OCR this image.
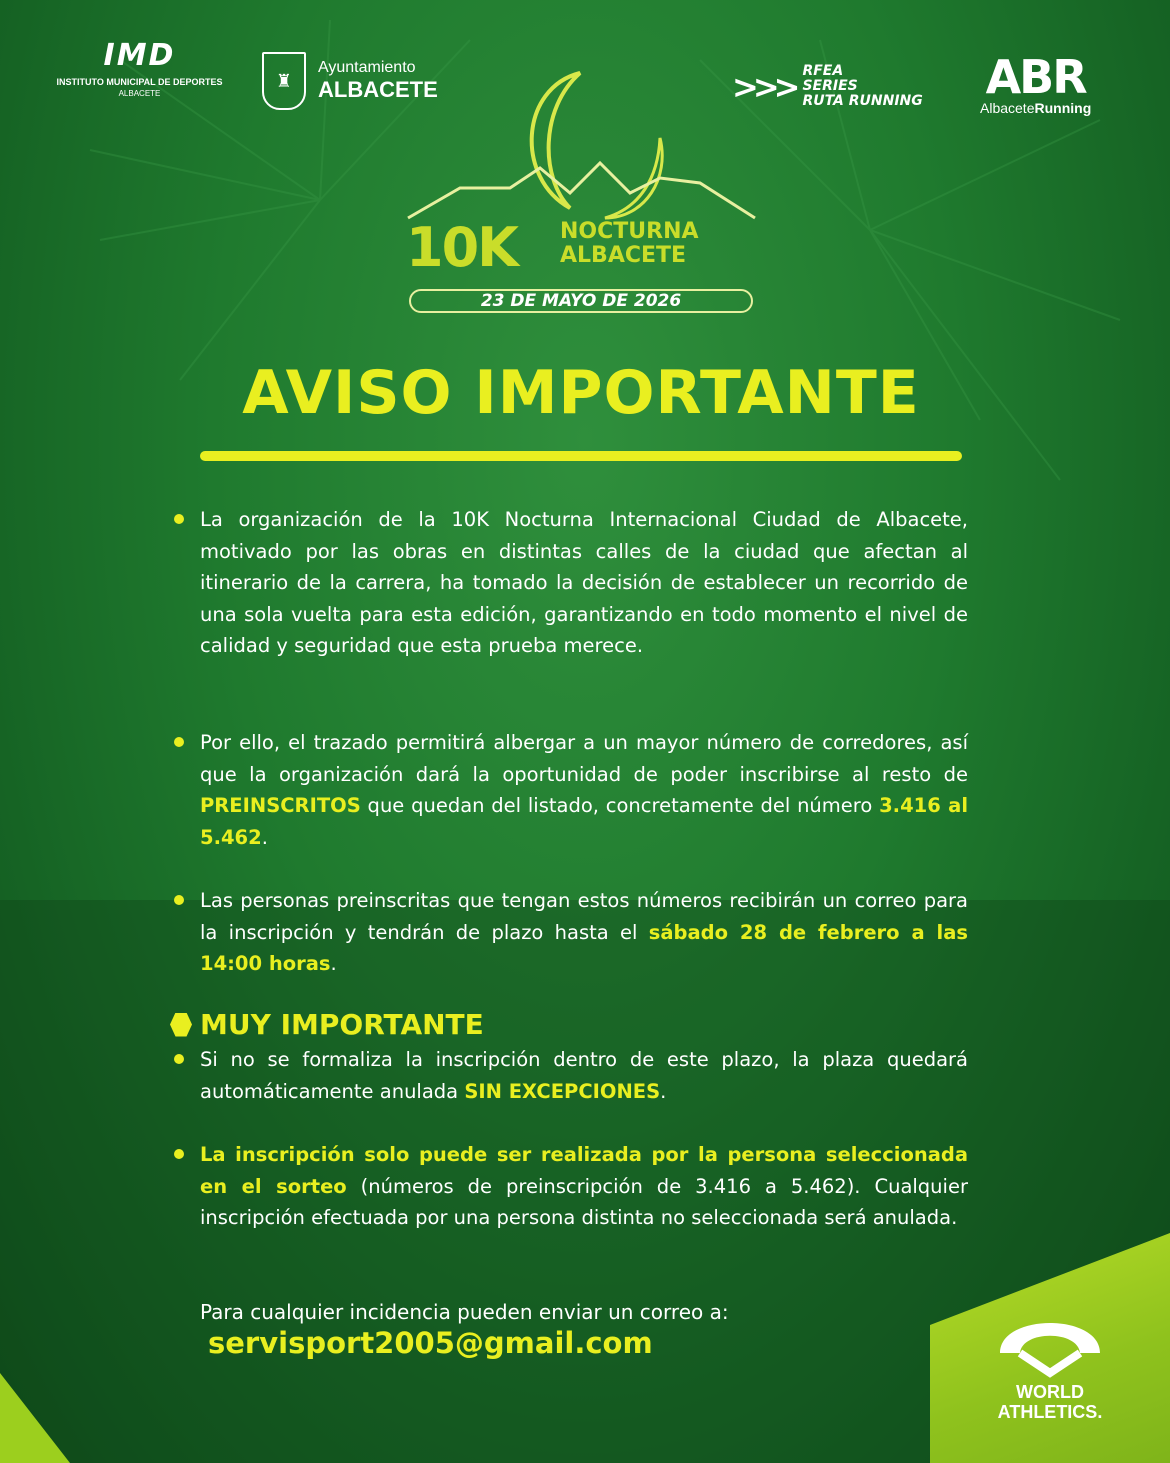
IMD
INSTITUTO MUNICIPAL DE DEPORTES
ALBACETE
♜
Ayuntamiento
ALBACETE	>>> RFEA
SERIES
RUTA RUNNING ABR
AlbaceteRunning
10K NOCTURNA
ALBACETE
23 DE MAYO DE 2026
AVISO IMPORTANTE
La organización de la 10K Nocturna Internacional Ciudad de Albacete, motivado por las obras en distintas calles de la ciudad que afectan al itinerario de la carrera, ha tomado la decisión de establecer un recorrido de una sola vuelta para esta edición, garantizando en todo momento el nivel de calidad y seguridad que esta prueba merece.
Por ello, el trazado permitirá albergar a un mayor número de corredores, así que la organización dará la oportunidad de poder inscribirse al resto de PREINSCRITOS que quedan del listado, concretamente del número 3.416 al 5.462.
Las personas preinscritas que tengan estos números recibirán un correo para la inscripción y tendrán de plazo hasta el sábado 28 de febrero a las 14:00 horas.
MUY IMPORTANTE
Si no se formaliza la inscripción dentro de este plazo, la plaza quedará automáticamente anulada SIN EXCEPCIONES.
La inscripción solo puede ser realizada por la persona seleccionada en el sorteo (números de preinscripción de 3.416 a 5.462). Cualquier inscripción efectuada por una persona distinta no seleccionada será anulada.
Para cualquier incidencia pueden enviar un correo a:
servisport2005@gmail.com
WORLD
ATHLETICS.
